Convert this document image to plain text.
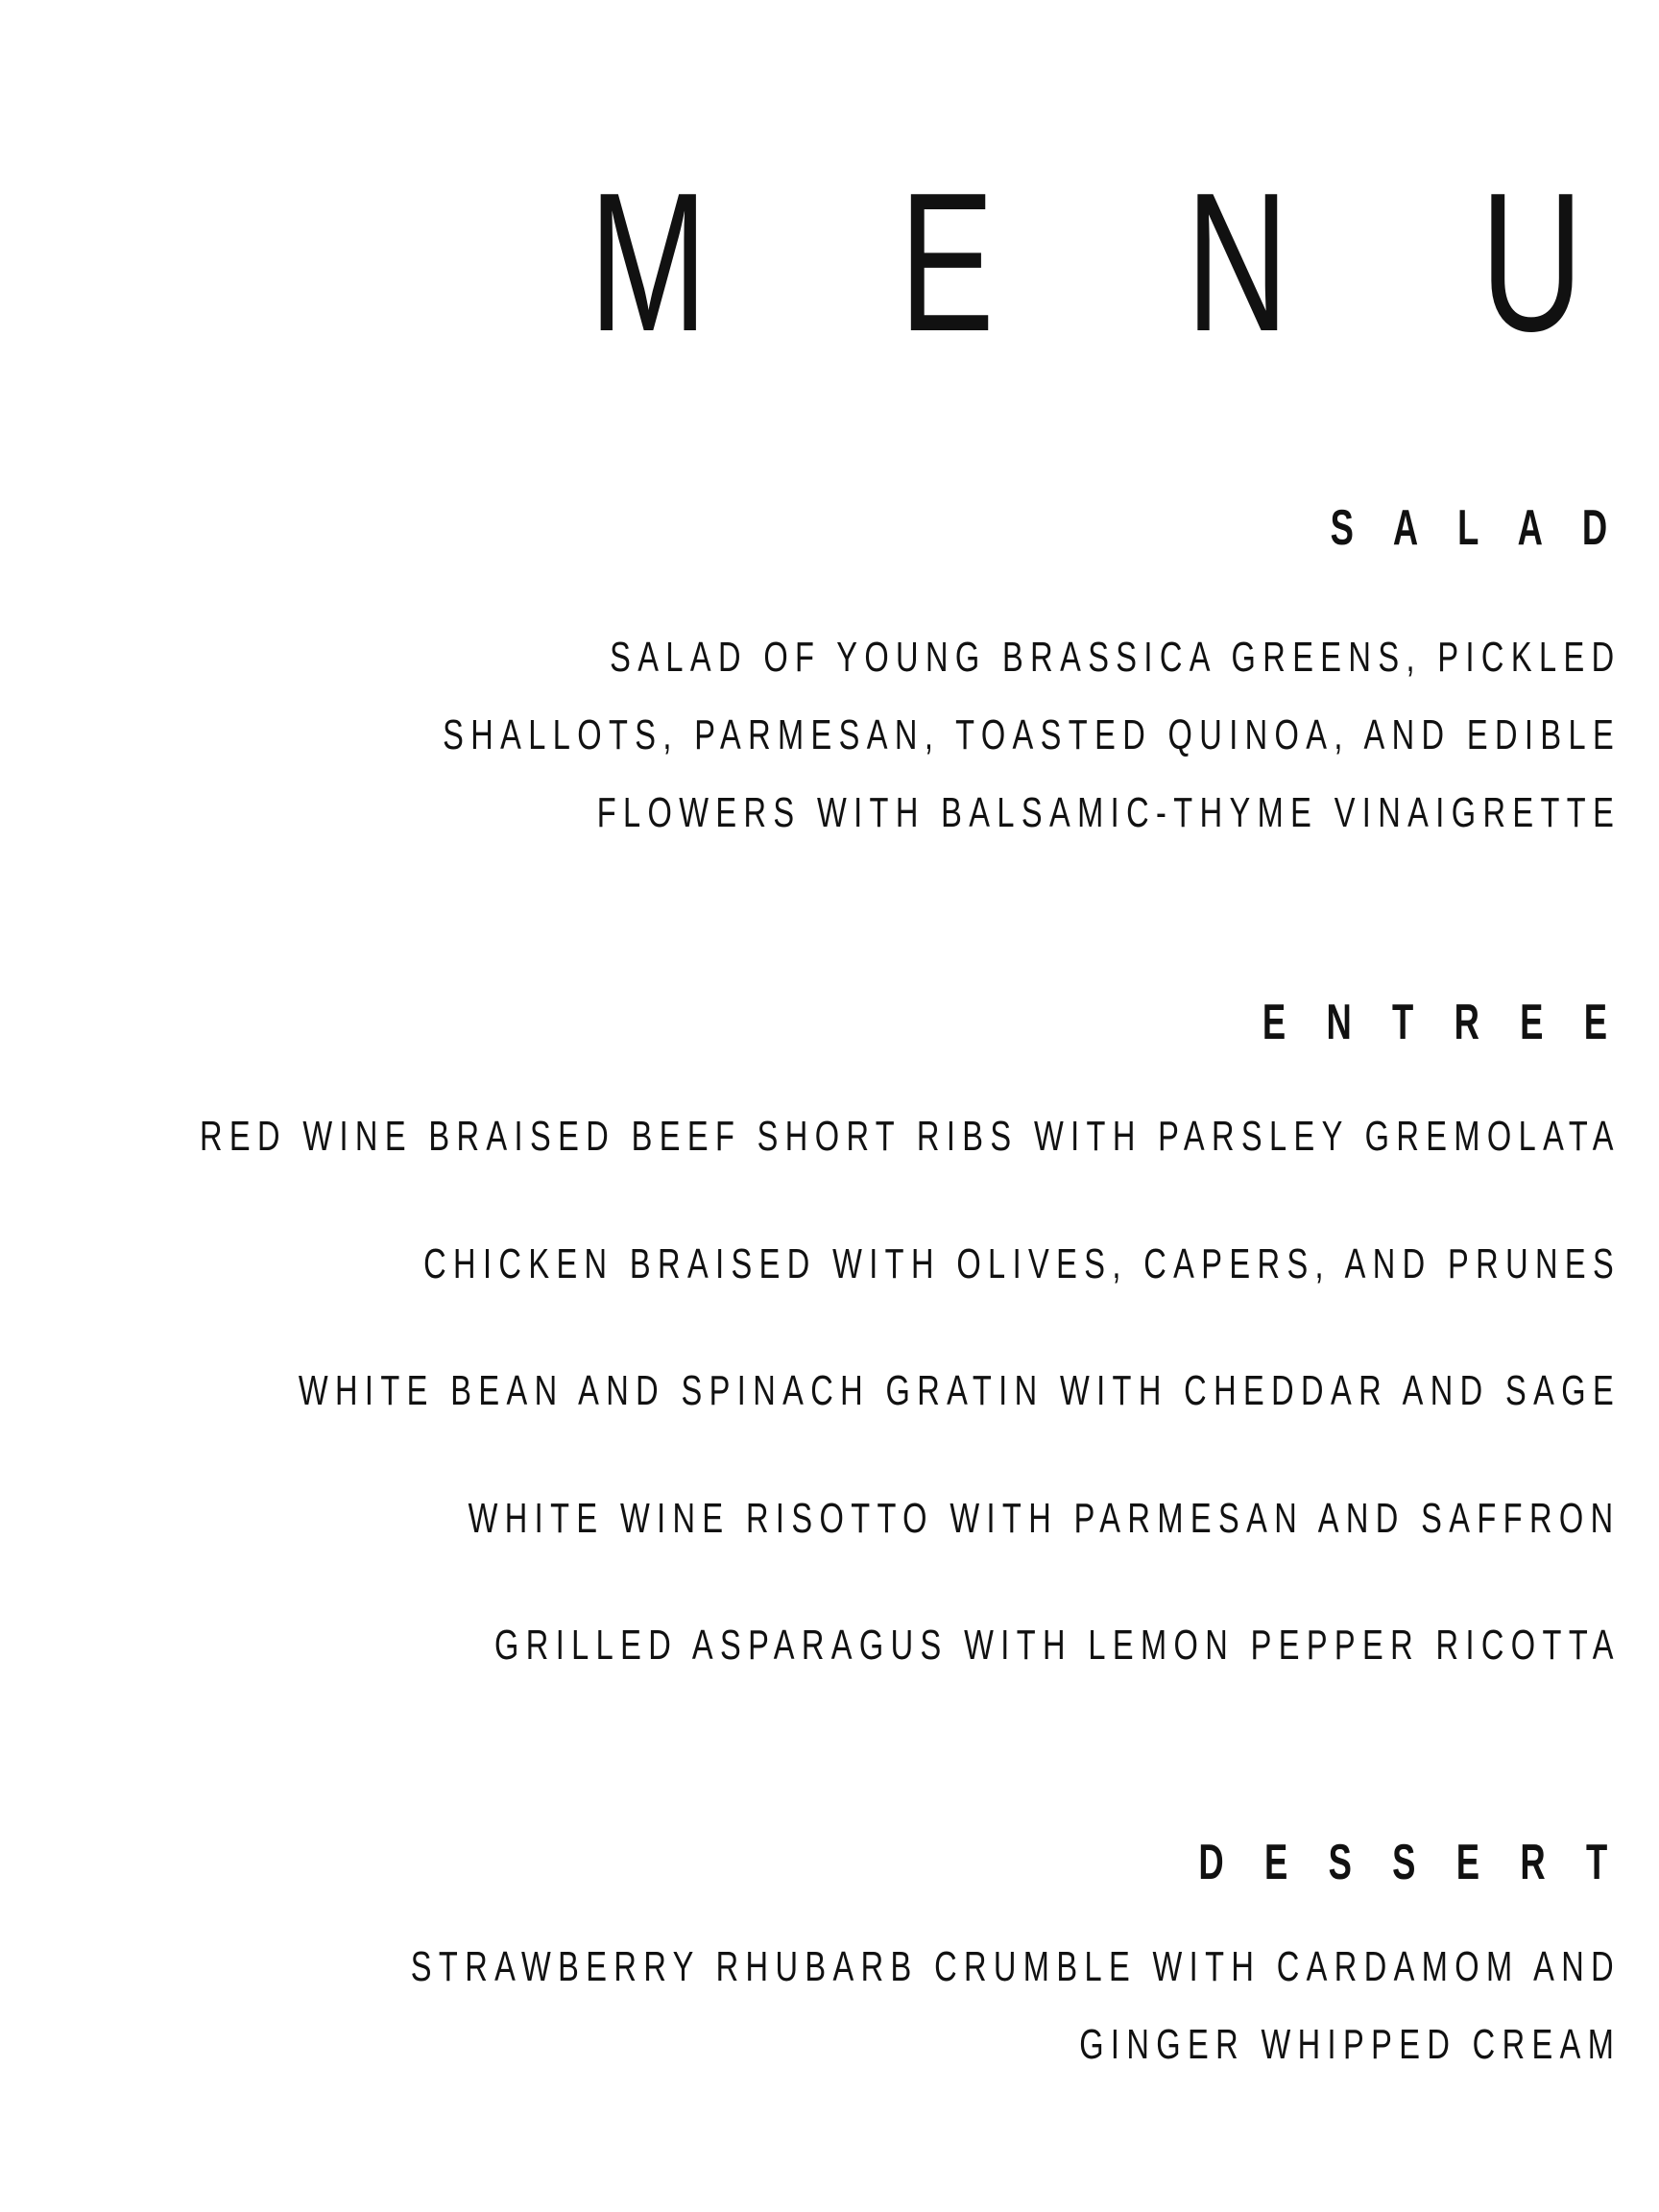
M E N U
S A L A D

SALAD OF YOUNG BRASSICA GREENS, PICKLED

SHALLOTS, PARMESAN, TOASTED QUINOA, AND EDIBLE

FLOWERS WITH BALSAMIC-THYME VINAIGRETTE

E N T R E E

RED WINE BRAISED BEEF SHORT RIBS WITH PARSLEY GREMOLATA

CHICKEN BRAISED WITH OLIVES, CAPERS, AND PRUNES

WHITE BEAN AND SPINACH GRATIN WITH CHEDDAR AND SAGE

WHITE WINE RISOTTO WITH PARMESAN AND SAFFRON

GRILLED ASPARAGUS WITH LEMON PEPPER RICOTTA

D E S S E R T

STRAWBERRY RHUBARB CRUMBLE WITH CARDAMOM AND

GINGER WHIPPED CREAM
